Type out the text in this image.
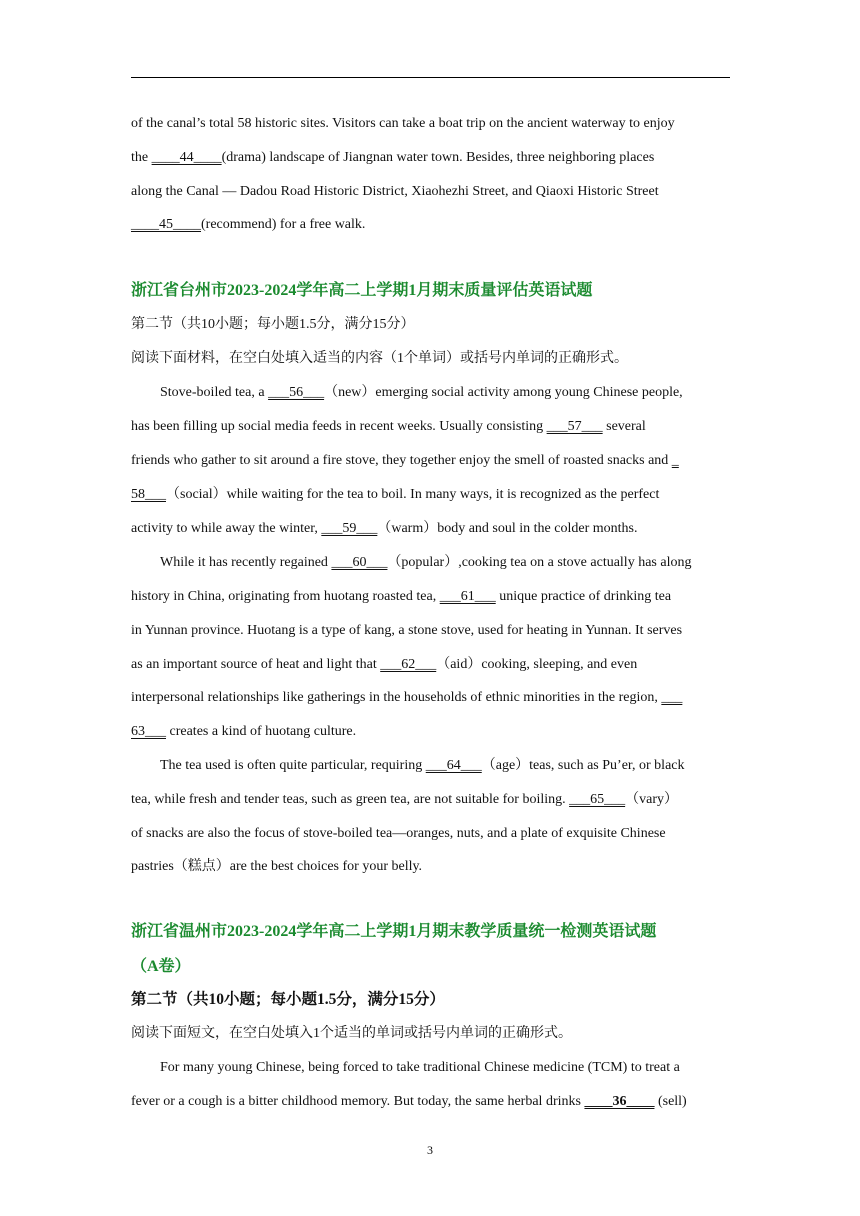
of the canal’s total 58 historic sites. Visitors can take a boat trip on the ancient waterway to enjoy
the ____44____(drama) landscape of Jiangnan water town. Besides, three neighboring places
along the Canal — Dadou Road Historic District, Xiaohezhi Street, and Qiaoxi Historic Street
____45____(recommend) for a free walk.
浙江省台州市2023-2024学年高二上学期1月期末质量评估英语试题
第二节（共10小题；每小题1.5分，满分15分）
阅读下面材料，在空白处填入适当的内容（1个单词）或括号内单词的正确形式。
Stove-boiled tea, a ___56___（new）emerging social activity among young Chinese people,
has been filling up social media feeds in recent weeks. Usually consisting ___57___ several
friends who gather to sit around a fire stove, they together enjoy the smell of roasted snacks and _
58___（social）while waiting for the tea to boil. In many ways, it is recognized as the perfect
activity to while away the winter, ___59___（warm）body and soul in the colder months.
While it has recently regained ___60___（popular）,cooking tea on a stove actually has along
history in China, originating from huotang roasted tea, ___61___ unique practice of drinking tea
in Yunnan province. Huotang is a type of kang, a stone stove, used for heating in Yunnan. It serves
as an important source of heat and light that ___62___（aid）cooking, sleeping, and even
interpersonal relationships like gatherings in the households of ethnic minorities in the region, ___
63___ creates a kind of huotang culture.
The tea used is often quite particular, requiring ___64___（age）teas, such as Pu’er, or black
tea, while fresh and tender teas, such as green tea, are not suitable for boiling. ___65___（vary）
of snacks are also the focus of stove-boiled tea—oranges, nuts, and a plate of exquisite Chinese
pastries（糕点）are the best choices for your belly.
浙江省温州市2023-2024学年高二上学期1月期末教学质量统一检测英语试题
（A卷）
第二节（共10小题；每小题1.5分，满分15分）
阅读下面短文，在空白处填入1个适当的单词或括号内单词的正确形式。
For many young Chinese, being forced to take traditional Chinese medicine (TCM) to treat a
fever or a cough is a bitter childhood memory. But today, the same herbal drinks ____36____ (sell)
3
